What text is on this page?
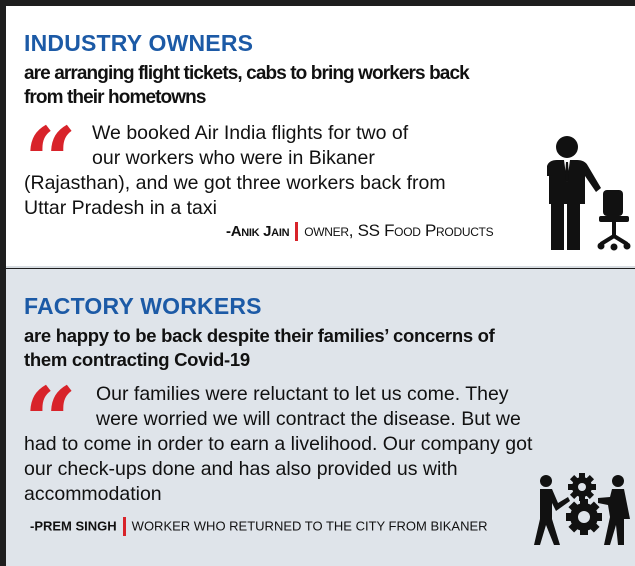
INDUSTRY OWNERS
are arranging flight tickets, cabs to bring workers back
from their hometowns
“ We booked Air India flights for two of
our workers who were in Bikaner
(Rajasthan), and we got three workers back from
Uttar Pradesh in a taxi
-Anik Jain owner, SS Food Products
FACTORY WORKERS
are happy to be back despite their families’ concerns of
them contracting Covid-19
“ Our families were reluctant to let us come. They
were worried we will contract the disease. But we
had to come in order to earn a livelihood. Our company got
our check-ups done and has also provided us with
accommodation
-PREM SINGH WORKER WHO RETURNED TO THE CITY FROM BIKANER
